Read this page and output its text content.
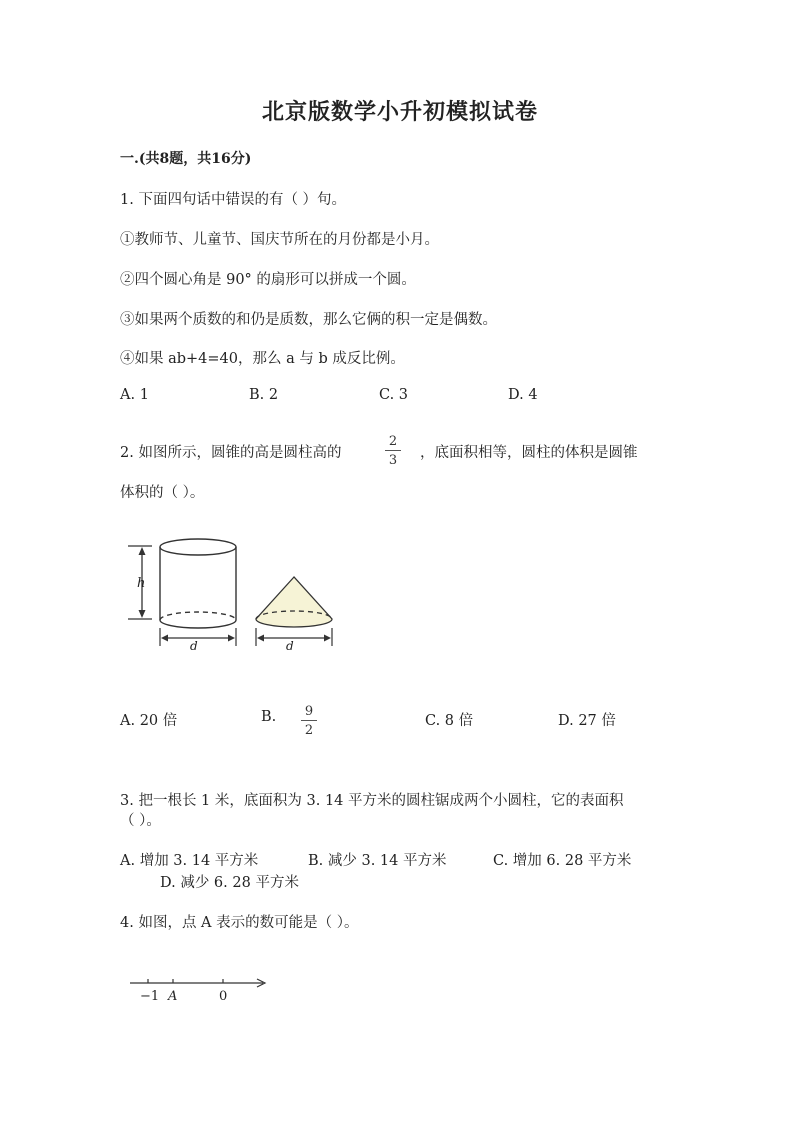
北京版数学小升初模拟试卷
一.(共8题，共16分)
1. 下面四句话中错误的有（ ）句。
①教师节、儿童节、国庆节所在的月份都是小月。
②四个圆心角是 90° 的扇形可以拼成一个圆。
③如果两个质数的和仍是质数，那么它俩的积一定是偶数。
④如果 ab+4=40，那么 a 与 b 成反比例。
A. 1	B. 2	C. 3	D. 4
2. 如图所示，圆锥的高是圆柱高的
2
3 ，底面积相等，圆柱的体积是圆锥
体积的（ ）。
h
d	d
A. 20 倍	B. 9
2
C. 8 倍	D. 27 倍
3. 把一根长 1 米，底面积为 3. 14 平方米的圆柱锯成两个小圆柱，它的表面积
（ ）。
A. 增加 3. 14 平方米	B. 减少 3. 14 平方米	C. 增加 6. 28 平方米
D. 减少 6. 28 平方米
4. 如图，点 A 表示的数可能是（ ）。
−1 A	0
